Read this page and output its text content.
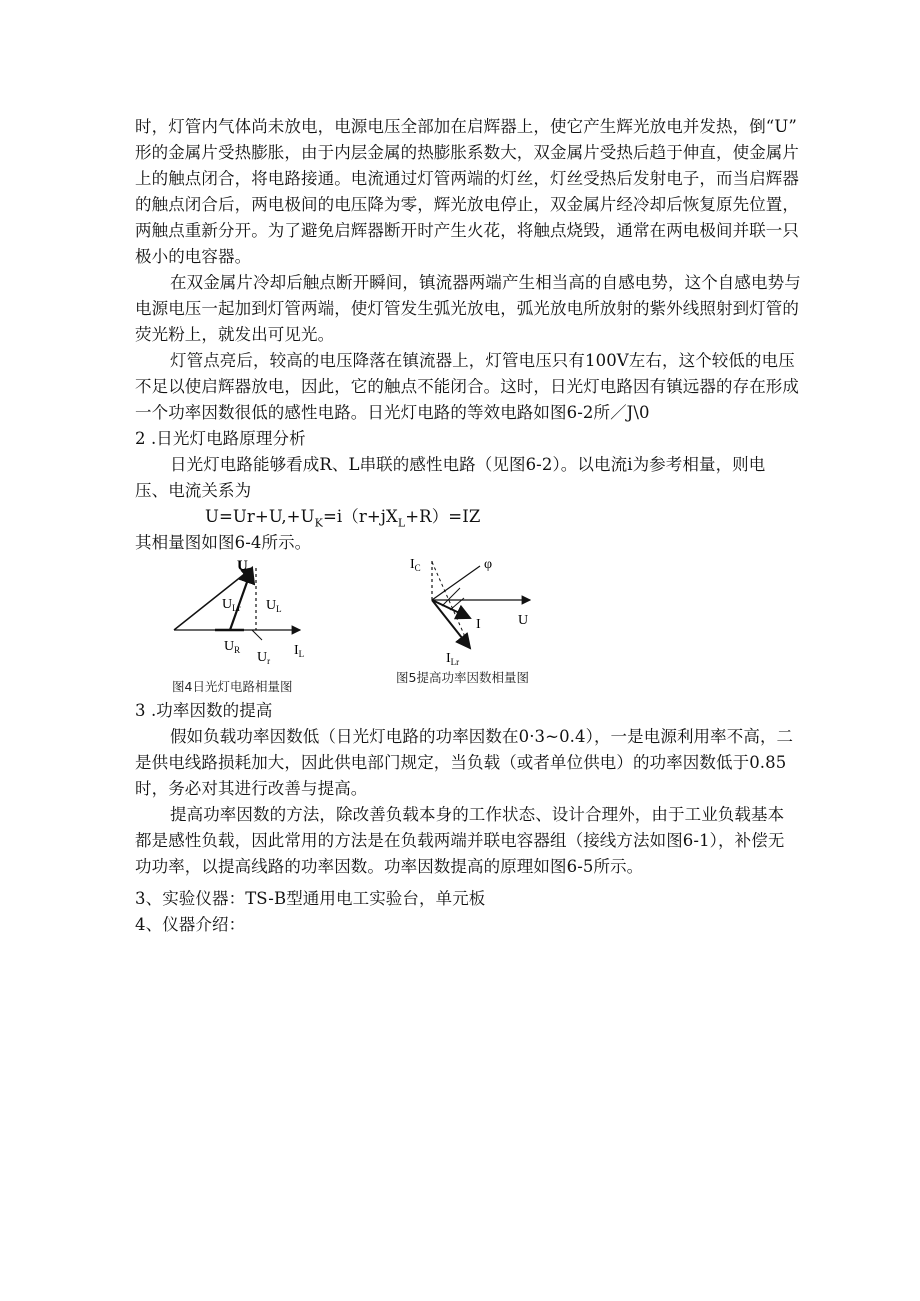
时，灯管内气体尚未放电，电源电压全部加在启辉器上，使它产生辉光放电并发热，倒“U”
形的金属片受热膨胀，由于内层金属的热膨胀系数大，双金属片受热后趋于伸直，使金属片
上的触点闭合，将电路接通。电流通过灯管两端的灯丝，灯丝受热后发射电子，而当启辉器
的触点闭合后，两电极间的电压降为零，辉光放电停止，双金属片经冷却后恢复原先位置，
两触点重新分开。为了避免启辉器断开时产生火花，将触点烧毁，通常在两电极间并联一只
极小的电容器。
在双金属片冷却后触点断开瞬间，镇流器两端产生相当高的自感电势，这个自感电势与
电源电压一起加到灯管两端，使灯管发生弧光放电，弧光放电所放射的紫外线照射到灯管的
荧光粉上，就发出可见光。
灯管点亮后，较高的电压降落在镇流器上，灯管电压只有100V左右，这个较低的电压
不足以使启辉器放电，因此，它的触点不能闭合。这时，日光灯电路因有镇远器的存在形成
一个功率因数很低的感性电路。日光灯电路的等效电路如图6-2所／J\0
2 .日光灯电路原理分析
日光灯电路能够看成R、L串联的感性电路（见图6-2）。以电流i为参考相量，则电
压、电流关系为
$U=Ur+U,+U_K=i(r+jX_L+R)=IZ$
其相量图如图6-4所示。
U
$U_{Lr}$ $U_L$
$U_R$ $U_r$
$I_L$
图4日光灯电路相量图
$I_C$	φ
U
I
$I_{Lr}$
图5提高功率因数相量图
3 .功率因数的提高
假如负载功率因数低（日光灯电路的功率因数在0·3~0.4），一是电源利用率不高，二
是供电线路损耗加大，因此供电部门规定，当负载（或者单位供电）的功率因数低于0.85
时，务必对其进行改善与提高。
提高功率因数的方法，除改善负载本身的工作状态、设计合理外，由于工业负载基本
都是感性负载，因此常用的方法是在负载两端并联电容器组（接线方法如图6-1），补偿无
功功率，以提高线路的功率因数。功率因数提高的原理如图6-5所示。
3、实验仪器：TS-B型通用电工实验台，单元板
4、仪器介绍：
